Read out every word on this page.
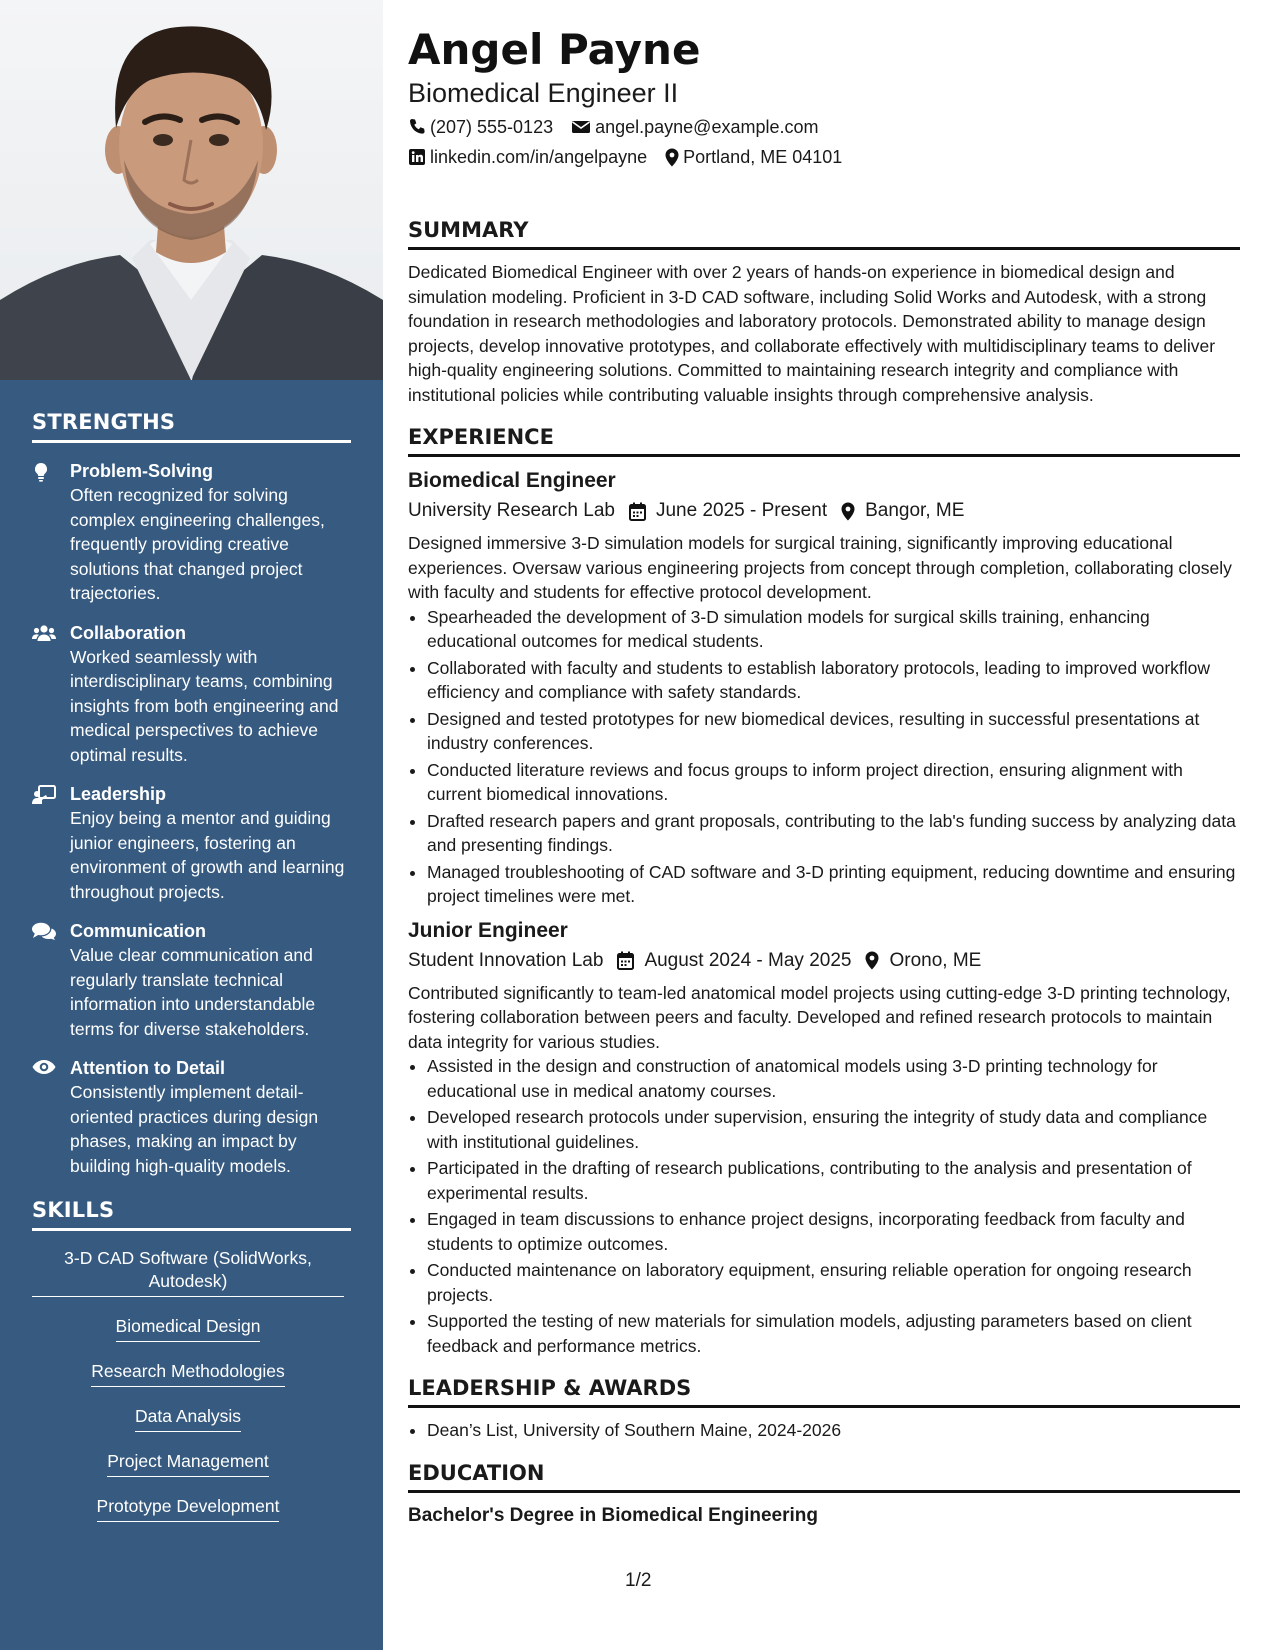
STRENGTHS
Problem-Solving
Often recognized for solving complex engineering challenges, frequently providing creative solutions that changed project trajectories.
Collaboration
Worked seamlessly with interdisciplinary teams, combining insights from both engineering and medical perspectives to achieve optimal results.
Leadership
Enjoy being a mentor and guiding junior engineers, fostering an environment of growth and learning throughout projects.
Communication
Value clear communication and regularly translate technical information into understandable terms for diverse stakeholders.
Attention to Detail
Consistently implement detail-oriented practices during design phases, making an impact by building high-quality models.
SKILLS
3-D CAD Software (SolidWorks, Autodesk)
Biomedical Design
Research Methodologies
Data Analysis
Project Management
Prototype Development
Angel Payne
Biomedical Engineer II
(207) 555-0123 angel.payne@example.com
linkedin.com/in/angelpayne Portland, ME 04101
SUMMARY

Dedicated Biomedical Engineer with over 2 years of hands-on experience in biomedical design and simulation modeling. Proficient in 3-D CAD software, including Solid Works and Autodesk, with a strong foundation in research methodologies and laboratory protocols. Demonstrated ability to manage design projects, develop innovative prototypes, and collaborate effectively with multidisciplinary teams to deliver high-quality engineering solutions. Committed to maintaining research integrity and compliance with institutional policies while contributing valuable insights through comprehensive analysis.

EXPERIENCE
Biomedical Engineer
University Research Lab June 2025 - Present Bangor, ME

Designed immersive 3-D simulation models for surgical training, significantly improving educational experiences. Oversaw various engineering projects from concept through completion, collaborating closely with faculty and students for effective protocol development.

• Spearheaded the development of 3-D simulation models for surgical skills training, enhancing educational outcomes for medical students.
• Collaborated with faculty and students to establish laboratory protocols, leading to improved workflow efficiency and compliance with safety standards.
• Designed and tested prototypes for new biomedical devices, resulting in successful presentations at industry conferences.
• Conducted literature reviews and focus groups to inform project direction, ensuring alignment with current biomedical innovations.
• Drafted research papers and grant proposals, contributing to the lab's funding success by analyzing data and presenting findings.
• Managed troubleshooting of CAD software and 3-D printing equipment, reducing downtime and ensuring project timelines were met.
Junior Engineer
Student Innovation Lab August 2024 - May 2025 Orono, ME

Contributed significantly to team-led anatomical model projects using cutting-edge 3-D printing technology, fostering collaboration between peers and faculty. Developed and refined research protocols to maintain data integrity for various studies.

• Assisted in the design and construction of anatomical models using 3-D printing technology for educational use in medical anatomy courses.
• Developed research protocols under supervision, ensuring the integrity of study data and compliance with institutional guidelines.
• Participated in the drafting of research publications, contributing to the analysis and presentation of experimental results.
• Engaged in team discussions to enhance project designs, incorporating feedback from faculty and students to optimize outcomes.
• Conducted maintenance on laboratory equipment, ensuring reliable operation for ongoing research projects.
• Supported the testing of new materials for simulation models, adjusting parameters based on client feedback and performance metrics.
LEADERSHIP & AWARDS
• Dean’s List, University of Southern Maine, 2024-2026
EDUCATION
Bachelor's Degree in Biomedical Engineering
1/2
